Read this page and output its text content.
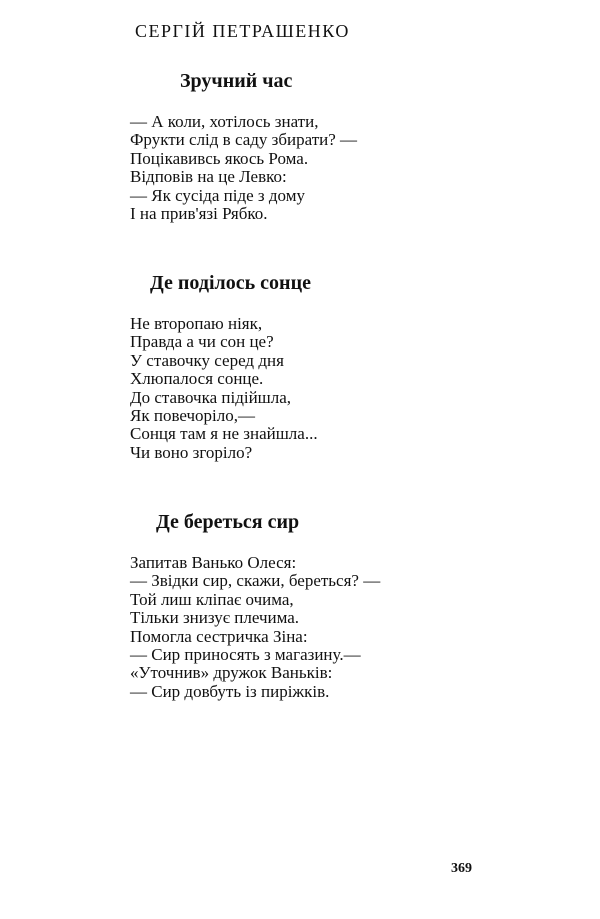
СЕРГІЙ ПЕТРАШЕНКО
Зручний час
— А коли, хотілось знати,
Фрукти слід в саду збирати? —
Поцікавивсь якось Рома.
Відповів на це Левко:
— Як сусіда піде з дому
І на прив'язі Рябко.
Де поділось сонце
Не второпаю ніяк,
Правда а чи сон це?
У ставочку серед дня
Хлюпалося сонце.
До ставочка підійшла,
Як повечоріло,—
Сонця там я не знайшла...
Чи воно згоріло?
Де береться сир
Запитав Ванько Олеся:
— Звідки сир, скажи, береться? —
Той лиш кліпає очима,
Тільки знизує плечима.
Помогла сестричка Зіна:
— Сир приносять з магазину.—
«Уточнив» дружок Ваньків:
— Сир довбуть із пиріжків.
369
